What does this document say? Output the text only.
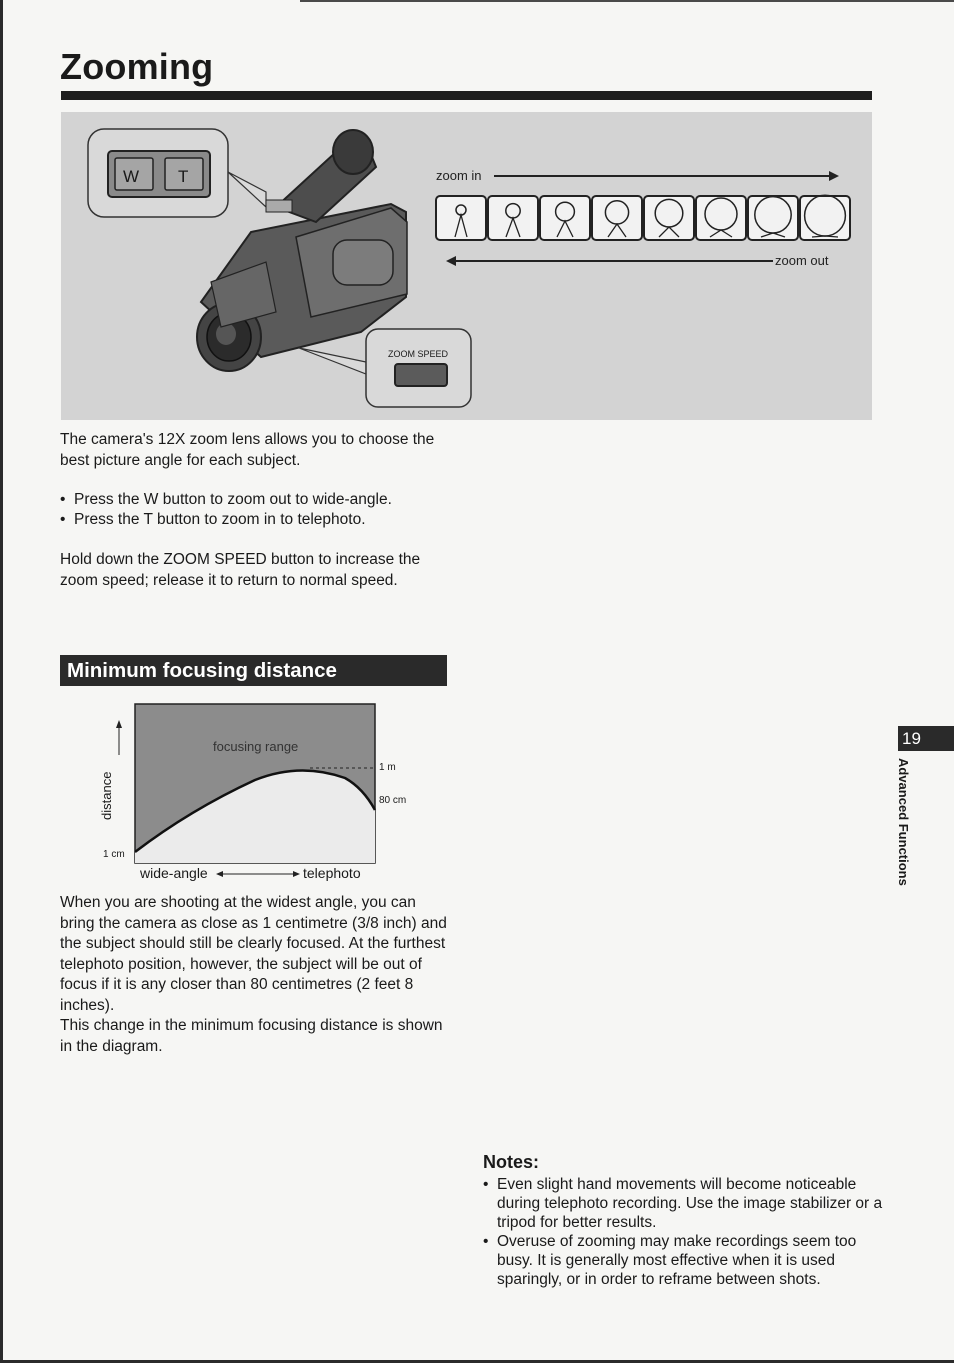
Zooming
zoom in
zoom out
ZOOM SPEED
W T
The camera's 12X zoom lens allows you to choose the best picture angle for each subject.
• Press the W button to zoom out to wide-angle.
• Press the T button to zoom in to telephoto.
Hold down the ZOOM SPEED button to increase the zoom speed; release it to return to normal speed.
Minimum focusing distance
distance
focusing range
1 m
80 cm
1 cm
wide-angle	telephoto
When you are shooting at the widest angle, you can bring the camera as close as 1 centimetre (3/8 inch) and the subject should still be clearly focused. At the furthest telephoto position, however, the subject will be out of focus if it is any closer than 80 centimetres (2 feet 8 inches).
This change in the minimum focusing distance is shown in the diagram.
Notes:
• Even slight hand movements will become noticeable during telephoto recording. Use the image stabilizer or a tripod for better results.
• Overuse of zooming may make recordings seem too busy. It is generally most effective when it is used sparingly, or in order to reframe between shots.
19
Advanced Functions
